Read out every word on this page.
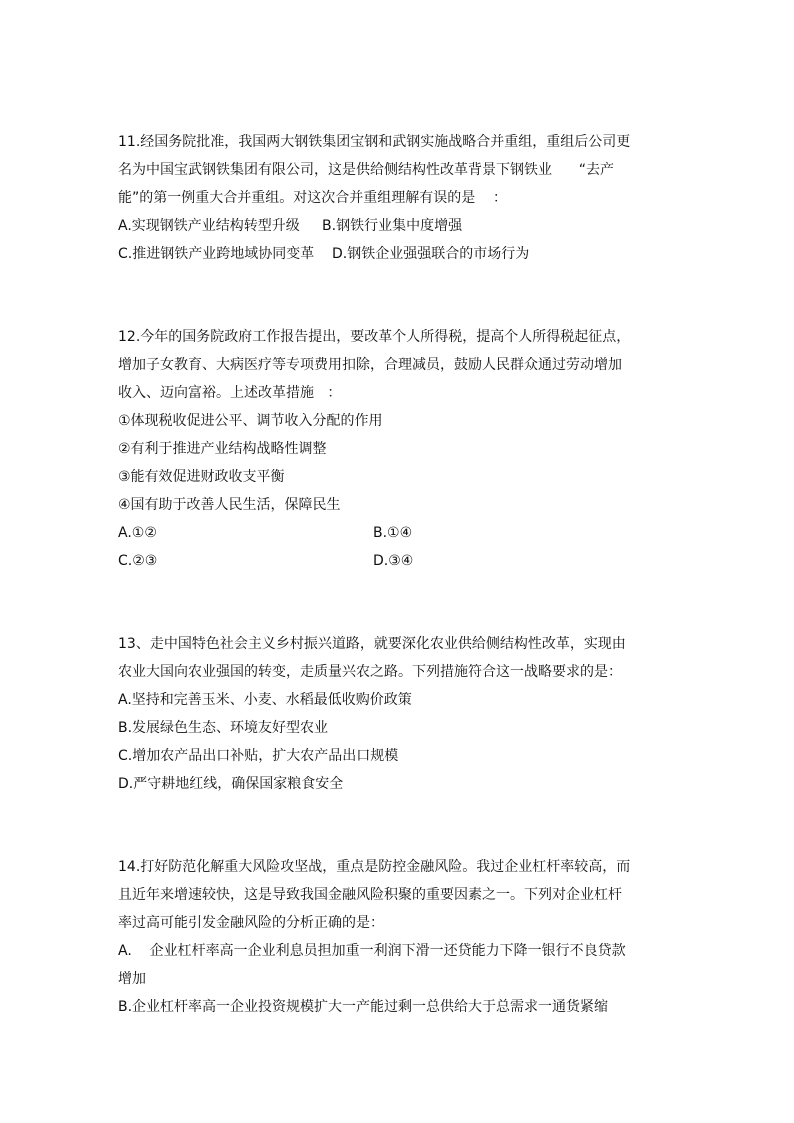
11.经国务院批准，我国两大钢铁集团宝钢和武钢实施战略合并重组，重组后公司更
名为中国宝武钢铁集团有限公司，这是供给侧结构性改革背景下钢铁业      “去产
能”的第一例重大合并重组。对这次合并重组理解有误的是    ：
A.实现钢铁产业结构转型升级     B.钢铁行业集中度增强
C.推进钢铁产业跨地域协同变革    D.钢铁企业强强联合的市场行为
12.今年的国务院政府工作报告提出，要改革个人所得税，提高个人所得税起征点，
增加子女教育、大病医疗等专项费用扣除，合理减员，鼓励人民群众通过劳动增加
收入、迈向富裕。上述改革措施   ：
①体现税收促进公平、调节收入分配的作用
②有利于推进产业结构战略性调整
③能有效促进财政收支平衡
④国有助于改善人民生活，保障民生
A.①②	B.①④
C.②③	D.③④
13、走中国特色社会主义乡村振兴道路，就要深化农业供给侧结构性改革，实现由
农业大国向农业强国的转变，走质量兴农之路。下列措施符合这一战略要求的是：
A.坚持和完善玉米、小麦、水稻最低收购价政策
B.发展绿色生态、环境友好型农业
C.增加农产品出口补贴，扩大农产品出口规模
D.严守耕地红线，确保国家粮食安全
14.打好防范化解重大风险攻坚战，重点是防控金融风险。我过企业杠杆率较高，而
且近年来增速较快，这是导致我国金融风险积聚的重要因素之一。下列对企业杠杆
率过高可能引发金融风险的分析正确的是：
A.    企业杠杆率高一企业利息员担加重一利润下滑一还贷能力下降一银行不良贷款
增加
B.企业杠杆率高一企业投资规模扩大一产能过剩一总供给大于总需求一通货紧缩
